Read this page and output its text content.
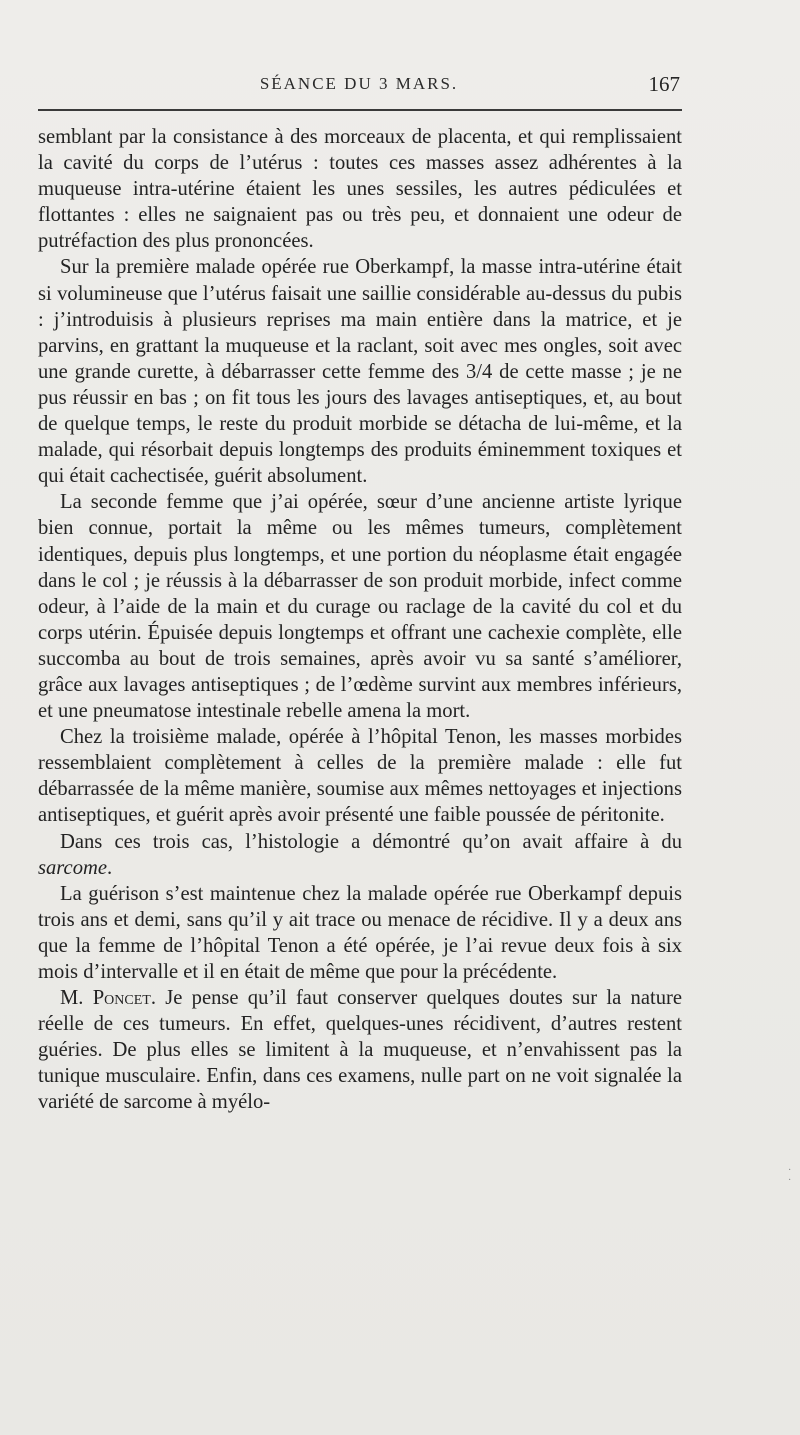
SÉANCE DU 3 MARS.	167

semblant par la consistance à des morceaux de placenta, et qui remplissaient la cavité du corps de l’utérus : toutes ces masses assez adhérentes à la muqueuse intra-utérine étaient les unes sessiles, les autres pédiculées et flottantes : elles ne saignaient pas ou très peu, et donnaient une odeur de putréfaction des plus prononcées.

Sur la première malade opérée rue Oberkampf, la masse intra-utérine était si volumineuse que l’utérus faisait une saillie considérable au-dessus du pubis : j’introduisis à plusieurs reprises ma main entière dans la matrice, et je parvins, en grattant la muqueuse et la raclant, soit avec mes ongles, soit avec une grande curette, à débarrasser cette femme des 3/4 de cette masse ; je ne pus réussir en bas ; on fit tous les jours des lavages antiseptiques, et, au bout de quelque temps, le reste du produit morbide se détacha de lui-même, et la malade, qui résorbait depuis longtemps des produits éminemment toxiques et qui était cachectisée, guérit absolument.

La seconde femme que j’ai opérée, sœur d’une ancienne artiste lyrique bien connue, portait la même ou les mêmes tumeurs, complètement identiques, depuis plus longtemps, et une portion du néoplasme était engagée dans le col ; je réussis à la débarrasser de son produit morbide, infect comme odeur, à l’aide de la main et du curage ou raclage de la cavité du col et du corps utérin. Épuisée depuis longtemps et offrant une cachexie complète, elle succomba au bout de trois semaines, après avoir vu sa santé s’améliorer, grâce aux lavages antiseptiques ; de l’œdème survint aux membres inférieurs, et une pneumatose intestinale rebelle amena la mort.

Chez la troisième malade, opérée à l’hôpital Tenon, les masses morbides ressemblaient complètement à celles de la première malade : elle fut débarrassée de la même manière, soumise aux mêmes nettoyages et injections antiseptiques, et guérit après avoir présenté une faible poussée de péritonite.

Dans ces trois cas, l’histologie a démontré qu’on avait affaire à du sarcome.

La guérison s’est maintenue chez la malade opérée rue Oberkampf depuis trois ans et demi, sans qu’il y ait trace ou menace de récidive. Il y a deux ans que la femme de l’hôpital Tenon a été opérée, je l’ai revue deux fois à six mois d’intervalle et il en était de même que pour la précédente.

M. Poncet. Je pense qu’il faut conserver quelques doutes sur la nature réelle de ces tumeurs. En effet, quelques-unes récidivent, d’autres restent guéries. De plus elles se limitent à la muqueuse, et n’envahissent pas la tunique musculaire. Enfin, dans ces examens, nulle part on ne voit signalée la variété de sarcome à myélo-

·
·
